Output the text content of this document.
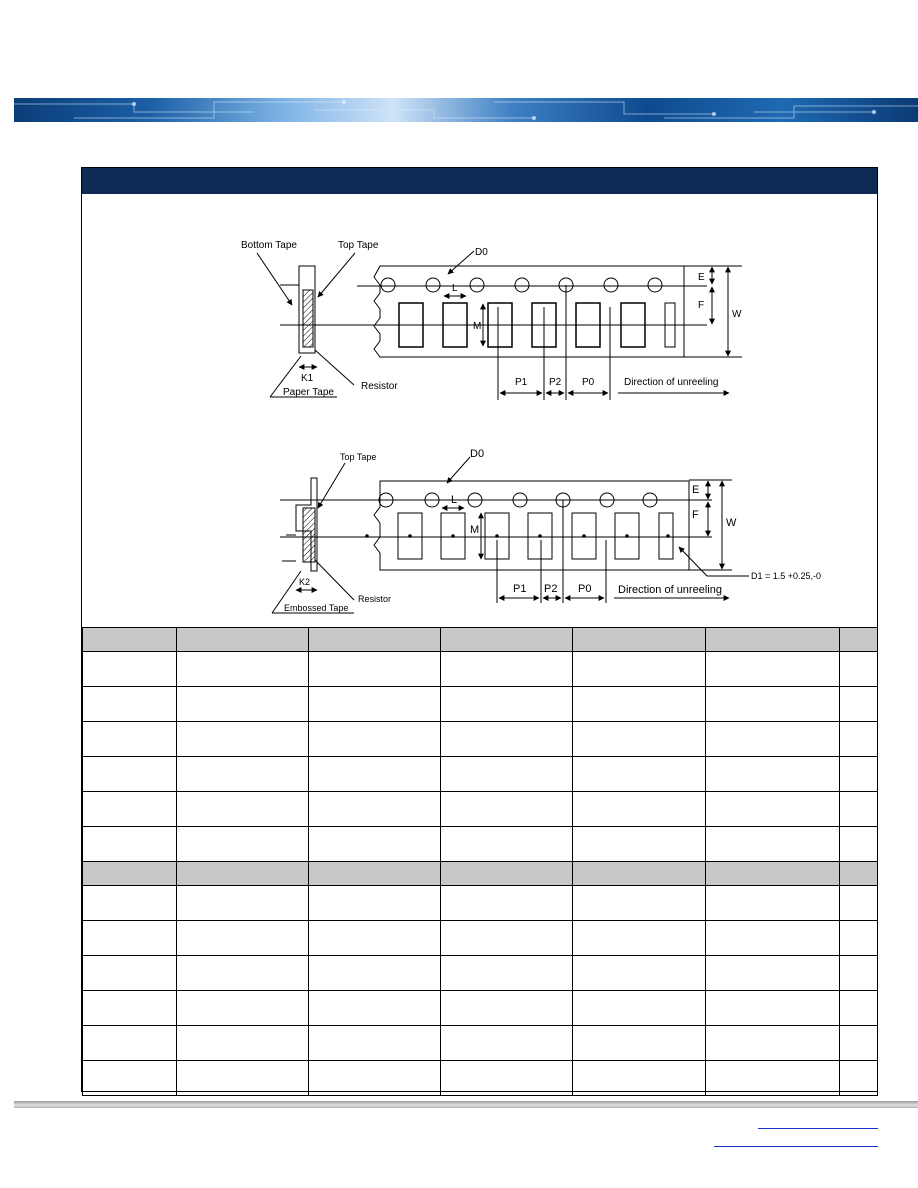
Bottom Tape	Top Tape
D0
L
M
E
F
W
K1
Paper Tape
Resistor	P1 P2 P0	Direction of unreeling
Top Tape	D0
L
M
E
F
W
K2
Embossed Tape
Resistor
D1 = 1.5 +0.25,-0
P1 P2 P0 Direction of unreeling
